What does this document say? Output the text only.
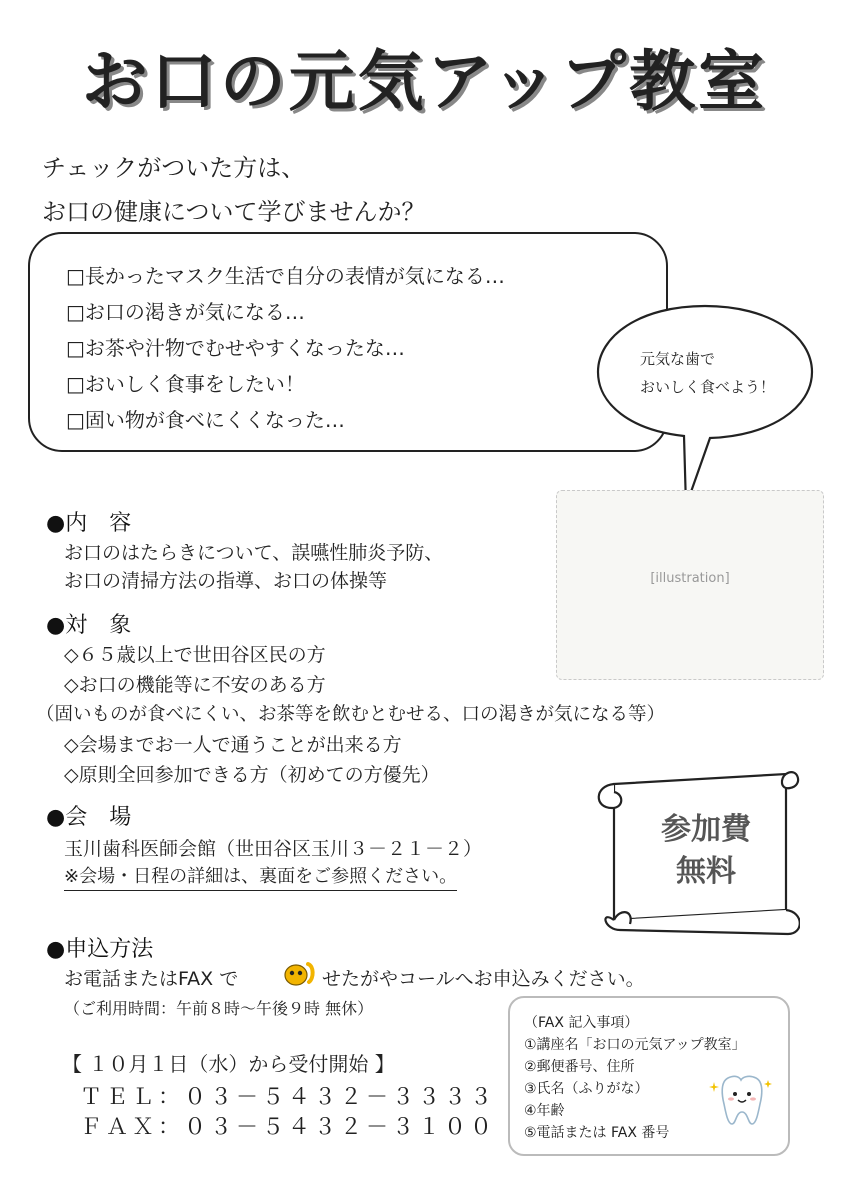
お口の元気アップ教室
チェックがついた方は、
お口の健康について学びませんか？
□長かったマスク生活で自分の表情が気になる…
□お口の渇きが気になる…
□お茶や汁物でむせやすくなったな…
□おいしく食事をしたい！
□固い物が食べにくくなった…
元気な歯で
おいしく食べよう！
[illustration]
●内　容
お口のはたらきについて、誤嚥性肺炎予防、
お口の清掃方法の指導、お口の体操等
●対　象
◇６５歳以上で世田谷区民の方
◇お口の機能等に不安のある方
（固いものが食べにくい、お茶等を飲むとむせる、口の渇きが気になる等）
◇会場までお一人で通うことが出来る方
◇原則全回参加できる方（初めての方優先）
●会　場
玉川歯科医師会館（世田谷区玉川３－２１－２）
※会場・日程の詳細は、裏面をご参照ください。
参加費
無料
●申込方法
お電話またはFAX で	せたがやコールへお申込みください。
（ご利用時間：午前８時～午後９時 無休）
【 １０月１日（水）から受付開始 】
ＴＥＬ：０３－５４３２－３３３３
ＦＡＸ：０３－５４３２－３１００
（FAX 記入事項）
①講座名「お口の元気アップ教室」
②郵便番号、住所
③氏名（ふりがな）
④年齢
⑤電話または FAX 番号
